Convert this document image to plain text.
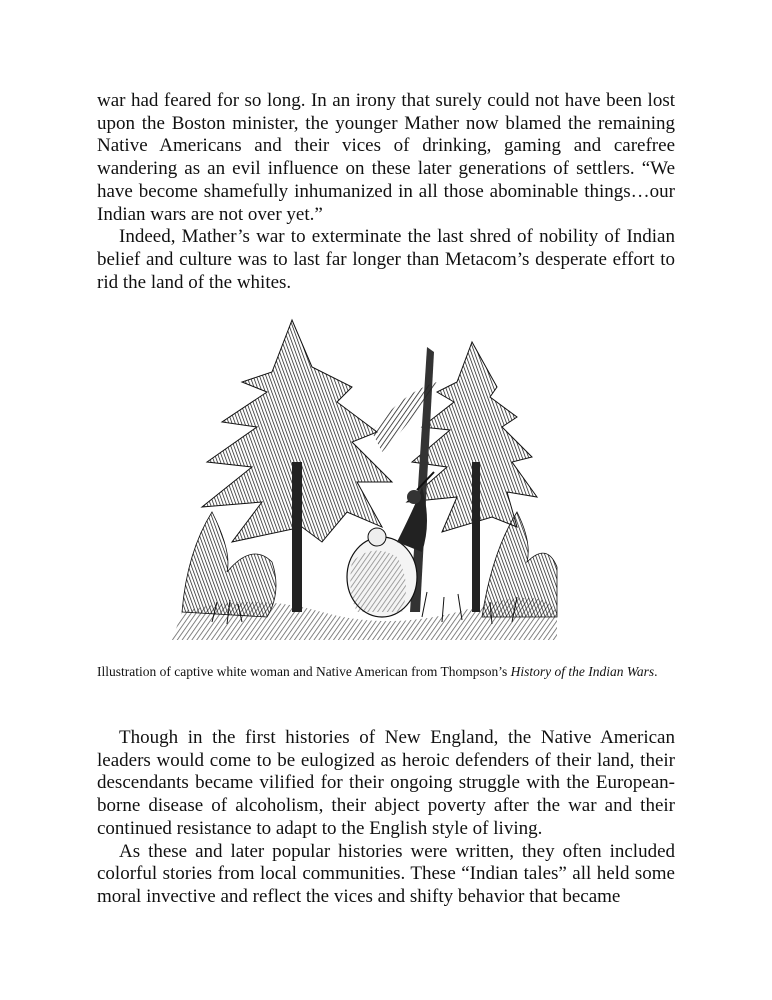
war had feared for so long. In an irony that surely could not have been lost upon the Boston minister, the younger Mather now blamed the remaining Native Americans and their vices of drinking, gaming and carefree wandering as an evil influence on these later generations of settlers. “We have become shamefully inhumanized in all those abominable things…our Indian wars are not over yet.”

Indeed, Mather’s war to exterminate the last shred of nobility of Indian belief and culture was to last far longer than Metacom’s desperate effort to rid the land of the whites.

Illustration of captive white woman and Native American from Thompson’s History of the Indian Wars.

Though in the first histories of New England, the Native American leaders would come to be eulogized as heroic defenders of their land, their descendants became vilified for their ongoing struggle with the European-borne disease of alcoholism, their abject poverty after the war and their continued resistance to adapt to the English style of living.

As these and later popular histories were written, they often included colorful stories from local communities. These “Indian tales” all held some moral invective and reflect the vices and shifty behavior that became
